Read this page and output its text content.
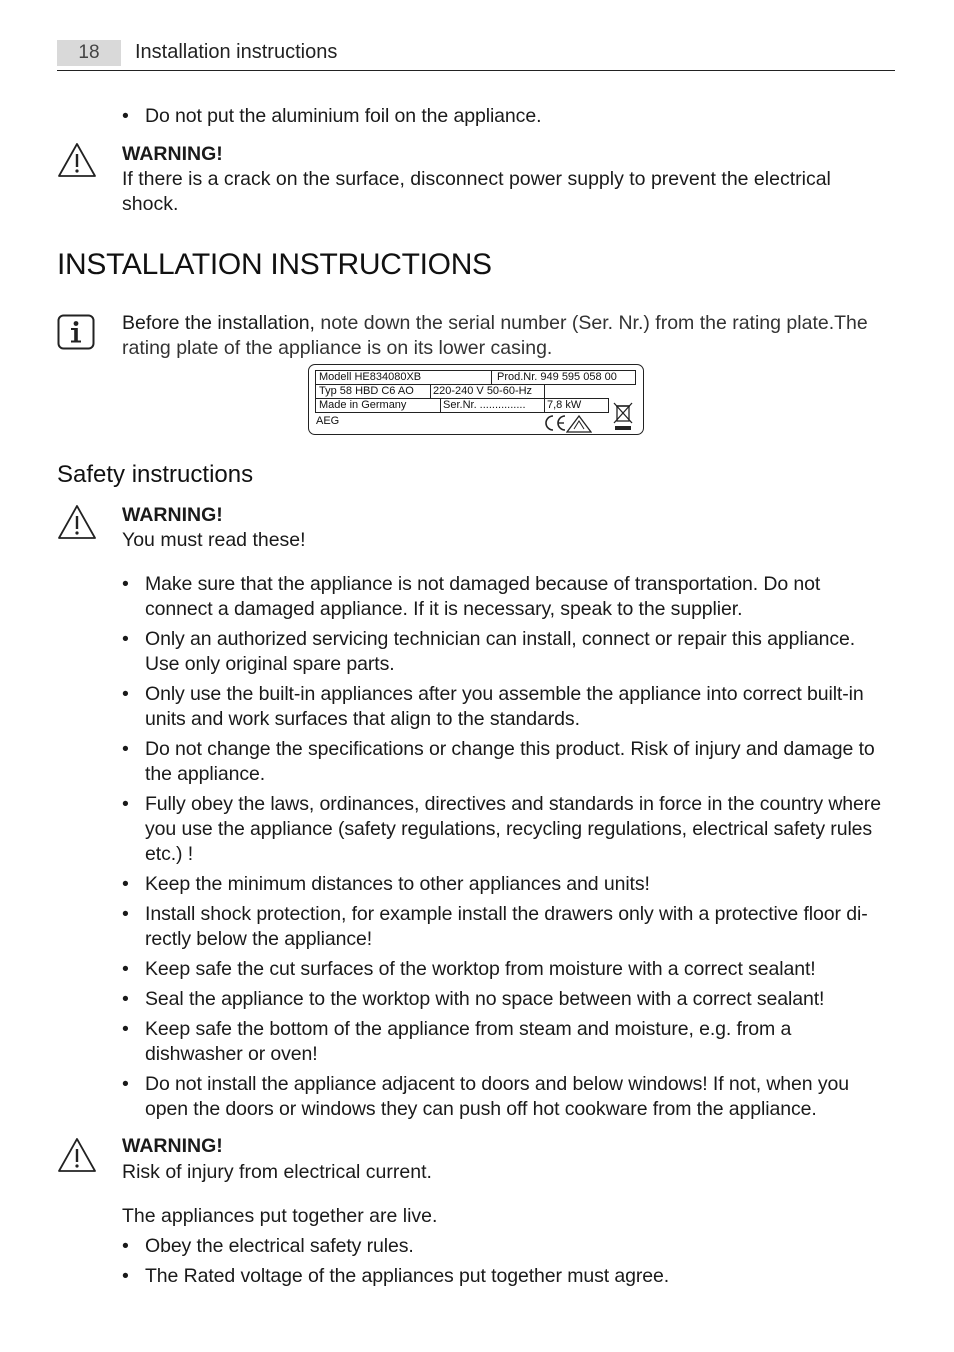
18	Installation instructions
• Do not put the aluminium foil on the appliance.
WARNING!
If there is a crack on the surface, disconnect power supply to prevent the electrical shock.
INSTALLATION INSTRUCTIONS
Before the installation, note down the serial number (Ser. Nr.) from the rating plate.The rating plate of the appliance is on its lower casing.
Modell HE834080XB	Prod.Nr. 949 595 058 00
Typ 58 HBD C6 AO 220-240 V 50-60-Hz
Made in Germany	Ser.Nr. ............... 7,8 kW
AEG
Safety instructions
WARNING!
You must read these!
• Make sure that the appliance is not damaged because of transportation. Do not connect a damaged appliance. If it is necessary, speak to the supplier.
• Only an authorized servicing technician can install, connect or repair this appliance. Use only original spare parts.
• Only use the built-in appliances after you assemble the appliance into correct built-in units and work surfaces that align to the standards.
• Do not change the specifications or change this product. Risk of injury and damage to the appliance.
• Fully obey the laws, ordinances, directives and standards in force in the country where you use the appliance (safety regulations, recycling regulations, electrical safety rules etc.) !
• Keep the minimum distances to other appliances and units!
• Install shock protection, for example install the drawers only with a protective floor di-rectly below the appliance!
• Keep safe the cut surfaces of the worktop from moisture with a correct sealant!
• Seal the appliance to the worktop with no space between with a correct sealant!
• Keep safe the bottom of the appliance from steam and moisture, e.g. from a dishwasher or oven!
• Do not install the appliance adjacent to doors and below windows! If not, when you open the doors or windows they can push off hot cookware from the appliance.
WARNING!
Risk of injury from electrical current.
The appliances put together are live.
• Obey the electrical safety rules.
• The Rated voltage of the appliances put together must agree.
